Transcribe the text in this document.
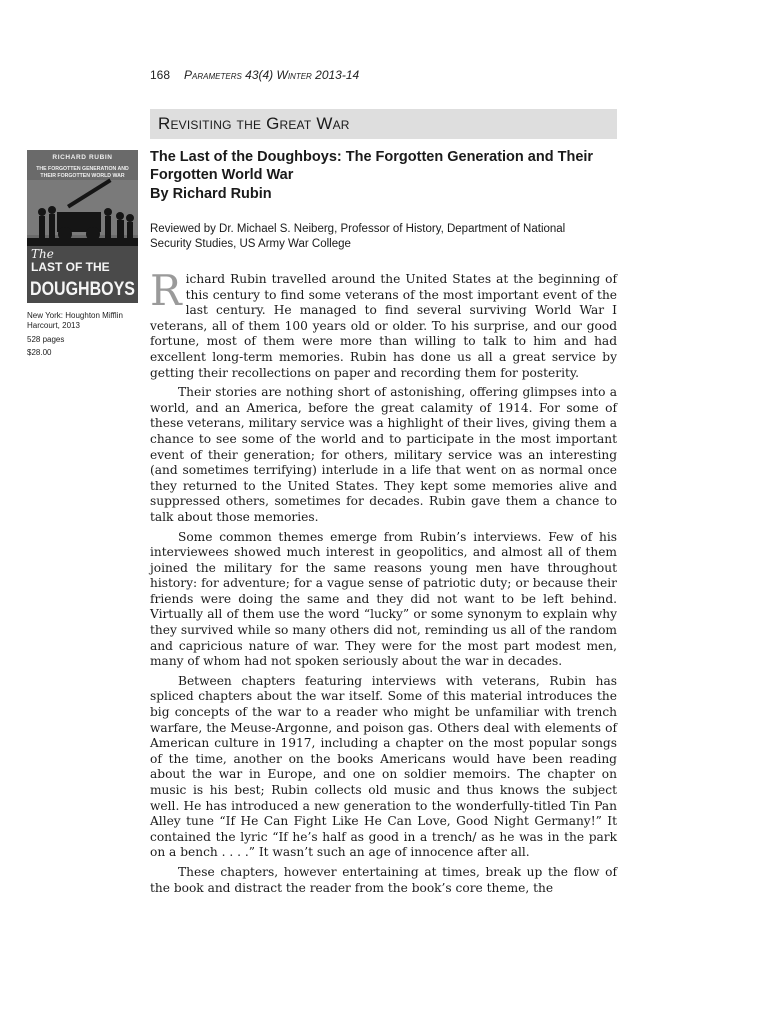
168 Parameters 43(4) Winter 2013-14
Revisiting the Great War
RICHARD RUBIN
THE FORGOTTEN GENERATION AND
THEIR FORGOTTEN WORLD WAR
The
LAST OF THE
DOUGHBOYS
New York: Houghton Mifflin Harcourt, 2013
528 pages
$28.00
The Last of the Doughboys: The Forgotten Generation and Their Forgotten World War
By Richard Rubin
Reviewed by Dr. Michael S. Neiberg, Professor of History, Department of National Security Studies, US Army War College

Richard Rubin travelled around the United States at the beginning of this century to find some veterans of the most important event of the last century. He managed to find several surviving World War I veterans, all of them 100 years old or older. To his surprise, and our good fortune, most of them were more than willing to talk to him and had excellent long-term memories. Rubin has done us all a great service by getting their recollections on paper and recording them for posterity.

Their stories are nothing short of astonishing, offering glimpses into a world, and an America, before the great calamity of 1914. For some of these veterans, military service was a highlight of their lives, giving them a chance to see some of the world and to participate in the most important event of their generation; for others, military service was an interesting (and sometimes terrifying) interlude in a life that went on as normal once they returned to the United States. They kept some memories alive and suppressed others, sometimes for decades. Rubin gave them a chance to talk about those memories.

Some common themes emerge from Rubin’s interviews. Few of his interviewees showed much interest in geopolitics, and almost all of them joined the military for the same reasons young men have throughout history: for adventure; for a vague sense of patriotic duty; or because their friends were doing the same and they did not want to be left behind. Virtually all of them use the word “lucky” or some synonym to explain why they survived while so many others did not, reminding us all of the random and capricious nature of war. They were for the most part modest men, many of whom had not spoken seriously about the war in decades.

Between chapters featuring interviews with veterans, Rubin has spliced chapters about the war itself. Some of this material introduces the big concepts of the war to a reader who might be unfamiliar with trench warfare, the Meuse-Argonne, and poison gas. Others deal with elements of American culture in 1917, including a chapter on the most popular songs of the time, another on the books Americans would have been reading about the war in Europe, and one on soldier memoirs. The chapter on music is his best; Rubin collects old music and thus knows the subject well. He has introduced a new generation to the wonderfully-titled Tin Pan Alley tune “If He Can Fight Like He Can Love, Good Night Germany!” It contained the lyric “If he’s half as good in a trench/ as he was in the park on a bench . . . .” It wasn’t such an age of innocence after all.

These chapters, however entertaining at times, break up the flow of the book and distract the reader from the book’s core theme, the
